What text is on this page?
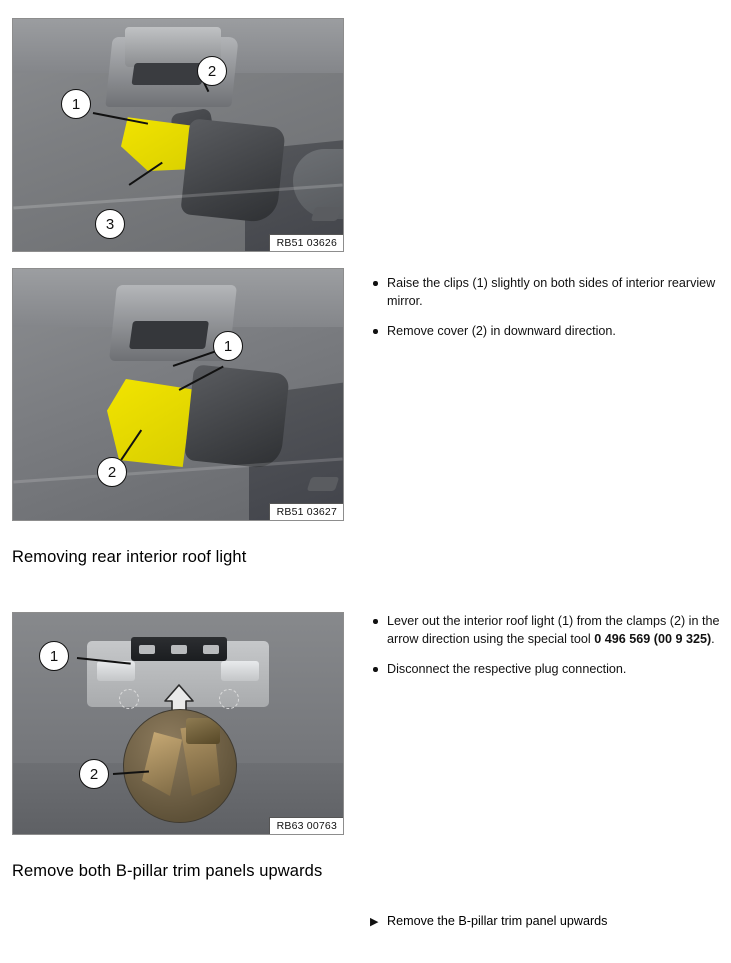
1
2
3
RB51 03626
1
2
RB51 03627
Raise the clips (1) slightly on both sides of interior rearview mirror.
Remove cover (2) in downward direction.
Removing rear interior roof light
1
2
RB63 00763
Lever out the interior roof light (1) from the clamps (2) in the arrow direction using the special tool 0 496 569 (00 9 325).
Disconnect the respective plug connection.
Remove both B-pillar trim panels upwards
▶ Remove the B-pillar trim panel upwards
